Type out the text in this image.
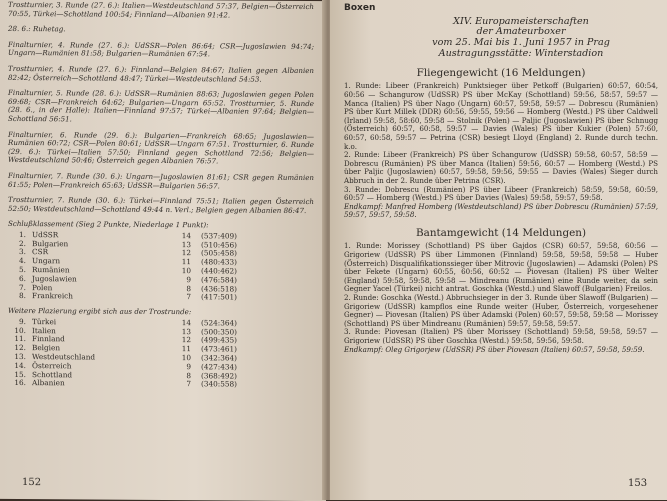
Trostturnier, 3. Runde (27. 6.): Italien—Westdeutschland 57:37, Belgien—Österreich 70:55, Türkei—Schottland 100:54; Finnland—Albanien 91:42.

28. 6.: Ruhetag.

Finalturnier, 4. Runde (27. 6.): UdSSR—Polen 86:64; CSR—Jugoslawien 94:74; Ungarn—Rumänien 81:58; Bulgarien—Rumänien 67:54.

Trostturnier, 4. Runde (27. 6.): Finnland—Belgien 84:67; Italien gegen Albanien 82:42; Österreich—Schottland 48:47; Türkei—Westdeutschland 54:53.

Finalturnier, 5. Runde (28. 6.): UdSSR—Rumänien 88:63; Jugoslawien gegen Polen 69:68; CSR—Frankreich 64:62; Bulgarien—Ungarn 65:52. Trostturnier, 5. Runde (28. 6., in der Halle): Italien—Finnland 97:57; Türkei—Albanien 97:64; Belgien—Schottland 56:51.

Finalturnier, 6. Runde (29. 6.): Bulgarien—Frankreich 68:65; Jugoslawien—Rumänien 60:72; CSR—Polen 80:61; UdSSR—Ungarn 67:51. Trostturnier, 6. Runde (29. 6.): Türkei—Italien 57:50; Finnland gegen Schottland 72:56; Belgien—Westdeutschland 50:46; Österreich gegen Albanien 76:57.

Finalturnier, 7. Runde (30. 6.): Ungarn—Jugoslawien 81:61; CSR gegen Rumänien 61:55; Polen—Frankreich 65:63; UdSSR—Bulgarien 56:57.

Trostturnier, 7. Runde (30. 6.): Türkei—Finnland 75:51; Italien gegen Österreich 52:50; Westdeutschland—Schottland 49:44 n. Verl.; Belgien gegen Albanien 86:47.

Schlußklassement (Sieg 2 Punkte, Niederlage 1 Punkt):
1. UdSSR	14	(537:409)
2. Bulgarien	13	(510:456)
3. CSR	12	(505:458)
4. Ungarn	11	(480:433)
5. Rumänien	10	(440:462)
6. Jugoslawien	9	(476:584)
7. Polen	8	(436:518)
8. Frankreich	7	(417:501)
Weitere Plazierung ergibt sich aus der Trostrunde:
9. Türkei	14	(524:364)
10. Italien	13	(500:350)
11. Finnland	12	(499:435)
12. Belgien	11	(473:461)
13. Westdeutschland	10	(342:364)
14. Österreich	9	(427:434)
15. Schottland	8	(368:492)
16. Albanien	7	(340:558)
152
Boxen
XIV. Europameisterschaften
der Amateurboxer
vom 25. Mai bis 1. Juni 1957 in Prag
Austragungsstätte: Winterstadion
Fliegengewicht (16 Meldungen)

1. Runde: Libeer (Frankreich) Punktsieger über Petkoff (Bulgarien) 60:57, 60:54, 60:56 — Schangurow (UdSSR) PS über McKay (Schottland) 59:56, 58:57, 59:57 — Manca (Italien) PS über Nago (Ungarn) 60:57, 59:58, 59:57 — Dobrescu (Rumänien) PS über Kurt Millek (DDR) 60:56, 59:55, 59:56 — Homberg (Westd.) PS über Caldwell (Irland) 59:58, 58:60, 59:58 — Stolnik (Polen) — Paljic (Jugoslawien) PS über Schnugg (Österreich) 60:57, 60:58, 59:57 — Davies (Wales) PS über Kukier (Polen) 57:60, 60:57, 60:58, 59:57 — Petrina (CSR) besiegt Lloyd (England) 2. Runde durch techn. k.o.

2. Runde: Libeer (Frankreich) PS über Schangurow (UdSSR) 59:58, 60:57, 58:59 — Dobrescu (Rumänien) PS über Manca (Italien) 59:56, 60:57 — Homberg (Westd.) PS über Paljic (Jugoslawien) 60:57, 59:58, 59:56, 59:55 — Davies (Wales) Sieger durch Abbruch in der 2. Runde über Petrina (CSR).

3. Runde: Dobrescu (Rumänien) PS über Libeer (Frankreich) 58:59, 59:58, 60:59, 60:57 — Homberg (Westd.) PS über Davies (Wales) 59:58, 59:57, 59:58.

Endkampf: Manfred Homberg (Westdeutschland) PS über Dobrescu (Rumänien) 57:59, 59:57, 59:57, 59:58.

Bantamgewicht (14 Meldungen)

1. Runde: Morissey (Schottland) PS über Gajdos (CSR) 60:57, 59:58, 60:56 — Grigoriew (UdSSR) PS über Limmonen (Finnland) 59:58, 59:58, 59:58 — Huber (Österreich) Disqualifikationssieger über Mitrovic (Jugoslawien) — Adamski (Polen) PS über Fekete (Ungarn) 60:55, 60:56, 60:52 — Piovesan (Italien) PS über Welter (England) 59:58, 59:58, 59:58 — Mindreanu (Rumänien) eine Runde weiter, da sein Gegner Yacel (Türkei) nicht antrat. Goschka (Westd.) und Slawoff (Bulgarien) Freilos.

2. Runde: Goschka (Westd.) Abbruchsieger in der 3. Runde über Slawoff (Bulgarien) — Grigoriew (UdSSR) kampflos eine Runde weiter (Huber, Österreich, vorgesehener Gegner) — Piovesan (Italien) PS über Adamski (Polen) 60:57, 59:58, 59:58 — Morissey (Schottland) PS über Mindreanu (Rumänien) 59:57, 59:58, 59:57.

3. Runde: Piovesan (Italien) PS über Morissey (Schottland) 59:58, 59:58, 59:57 — Grigoriew (UdSSR) PS über Goschka (Westd.) 59:58, 59:56, 59:58.

Endkampf: Oleg Grigorjew (UdSSR) PS über Piovesan (Italien) 60:57, 59:58, 59:59.

153
